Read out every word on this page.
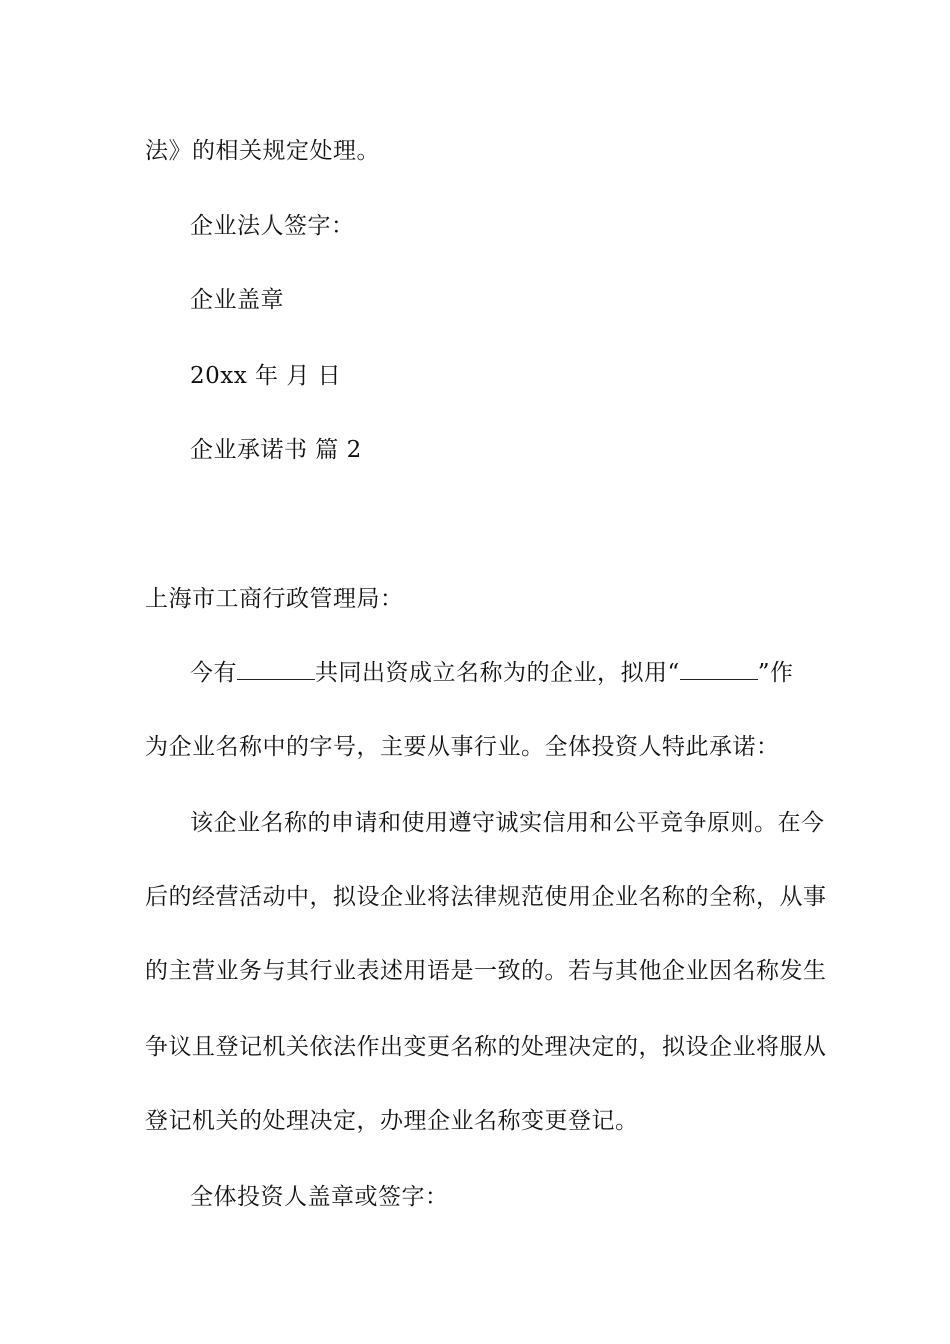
法》的相关规定处理。
企业法人签字：
企业盖章
20xx 年 月 日
企业承诺书 篇 2
上海市工商行政管理局：
今有	共同出资成立名称为的企业，拟用“	”作
为企业名称中的字号，主要从事行业。全体投资人特此承诺：
该企业名称的申请和使用遵守诚实信用和公平竞争原则。在今
后的经营活动中，拟设企业将法律规范使用企业名称的全称，从事
的主营业务与其行业表述用语是一致的。若与其他企业因名称发生
争议且登记机关依法作出变更名称的处理决定的，拟设企业将服从
登记机关的处理决定，办理企业名称变更登记。
全体投资人盖章或签字：
